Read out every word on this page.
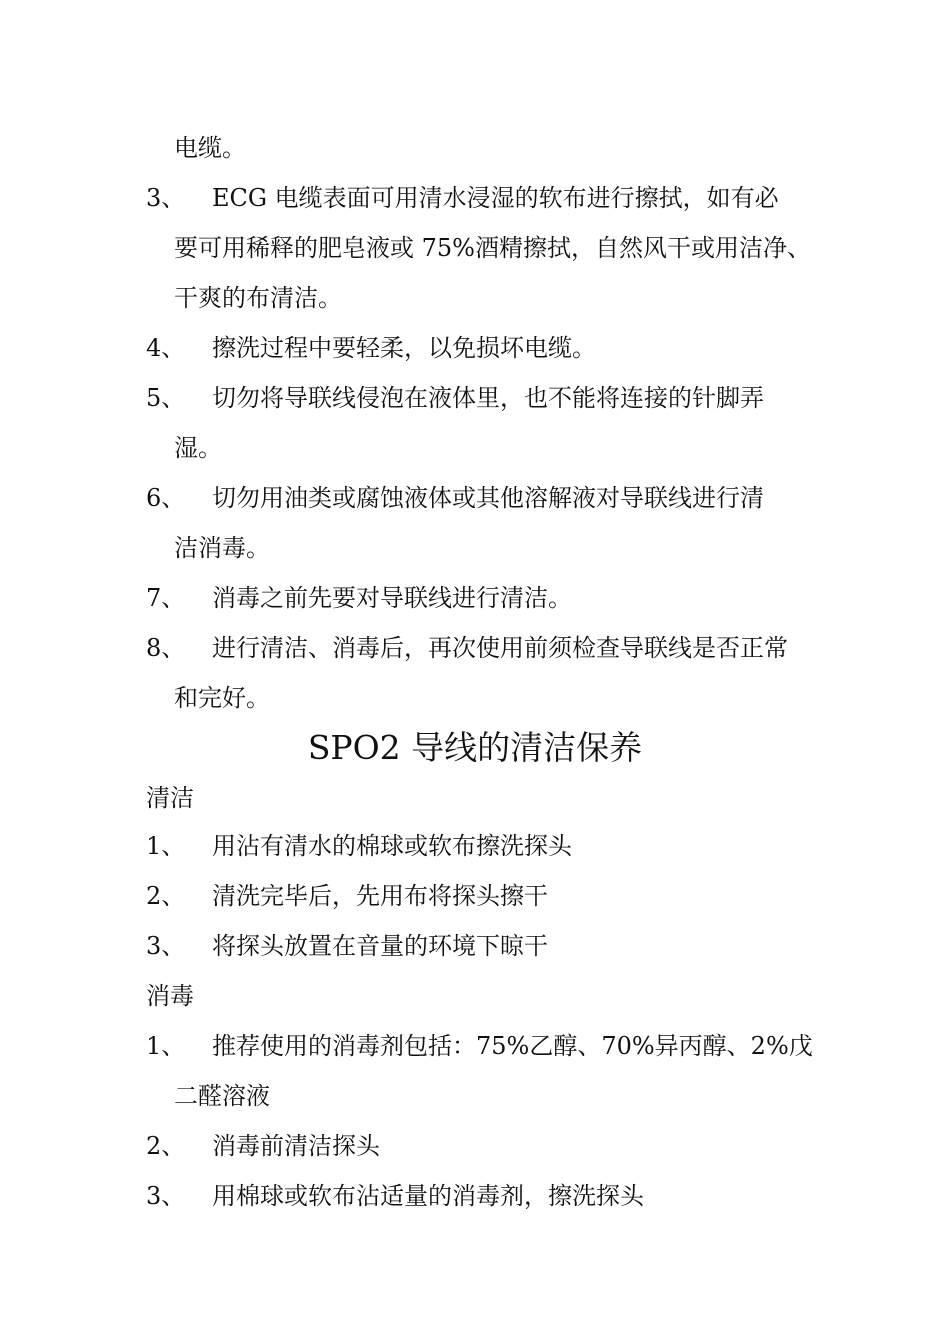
电缆。
3、 ECG 电缆表面可用清水浸湿的软布进行擦拭，如有必
要可用稀释的肥皂液或 75%酒精擦拭，自然风干或用洁净、
干爽的布清洁。
4、 擦洗过程中要轻柔，以免损坏电缆。
5、 切勿将导联线侵泡在液体里，也不能将连接的针脚弄
湿。
6、 切勿用油类或腐蚀液体或其他溶解液对导联线进行清
洁消毒。
7、 消毒之前先要对导联线进行清洁。
8、 进行清洁、消毒后，再次使用前须检查导联线是否正常
和完好。
SPO2 导线的清洁保养
清洁
1、 用沾有清水的棉球或软布擦洗探头
2、 清洗完毕后，先用布将探头擦干
3、 将探头放置在音量的环境下晾干
消毒
1、 推荐使用的消毒剂包括：75%乙醇、70%异丙醇、2%戊
二醛溶液
2、 消毒前清洁探头
3、 用棉球或软布沾适量的消毒剂，擦洗探头
